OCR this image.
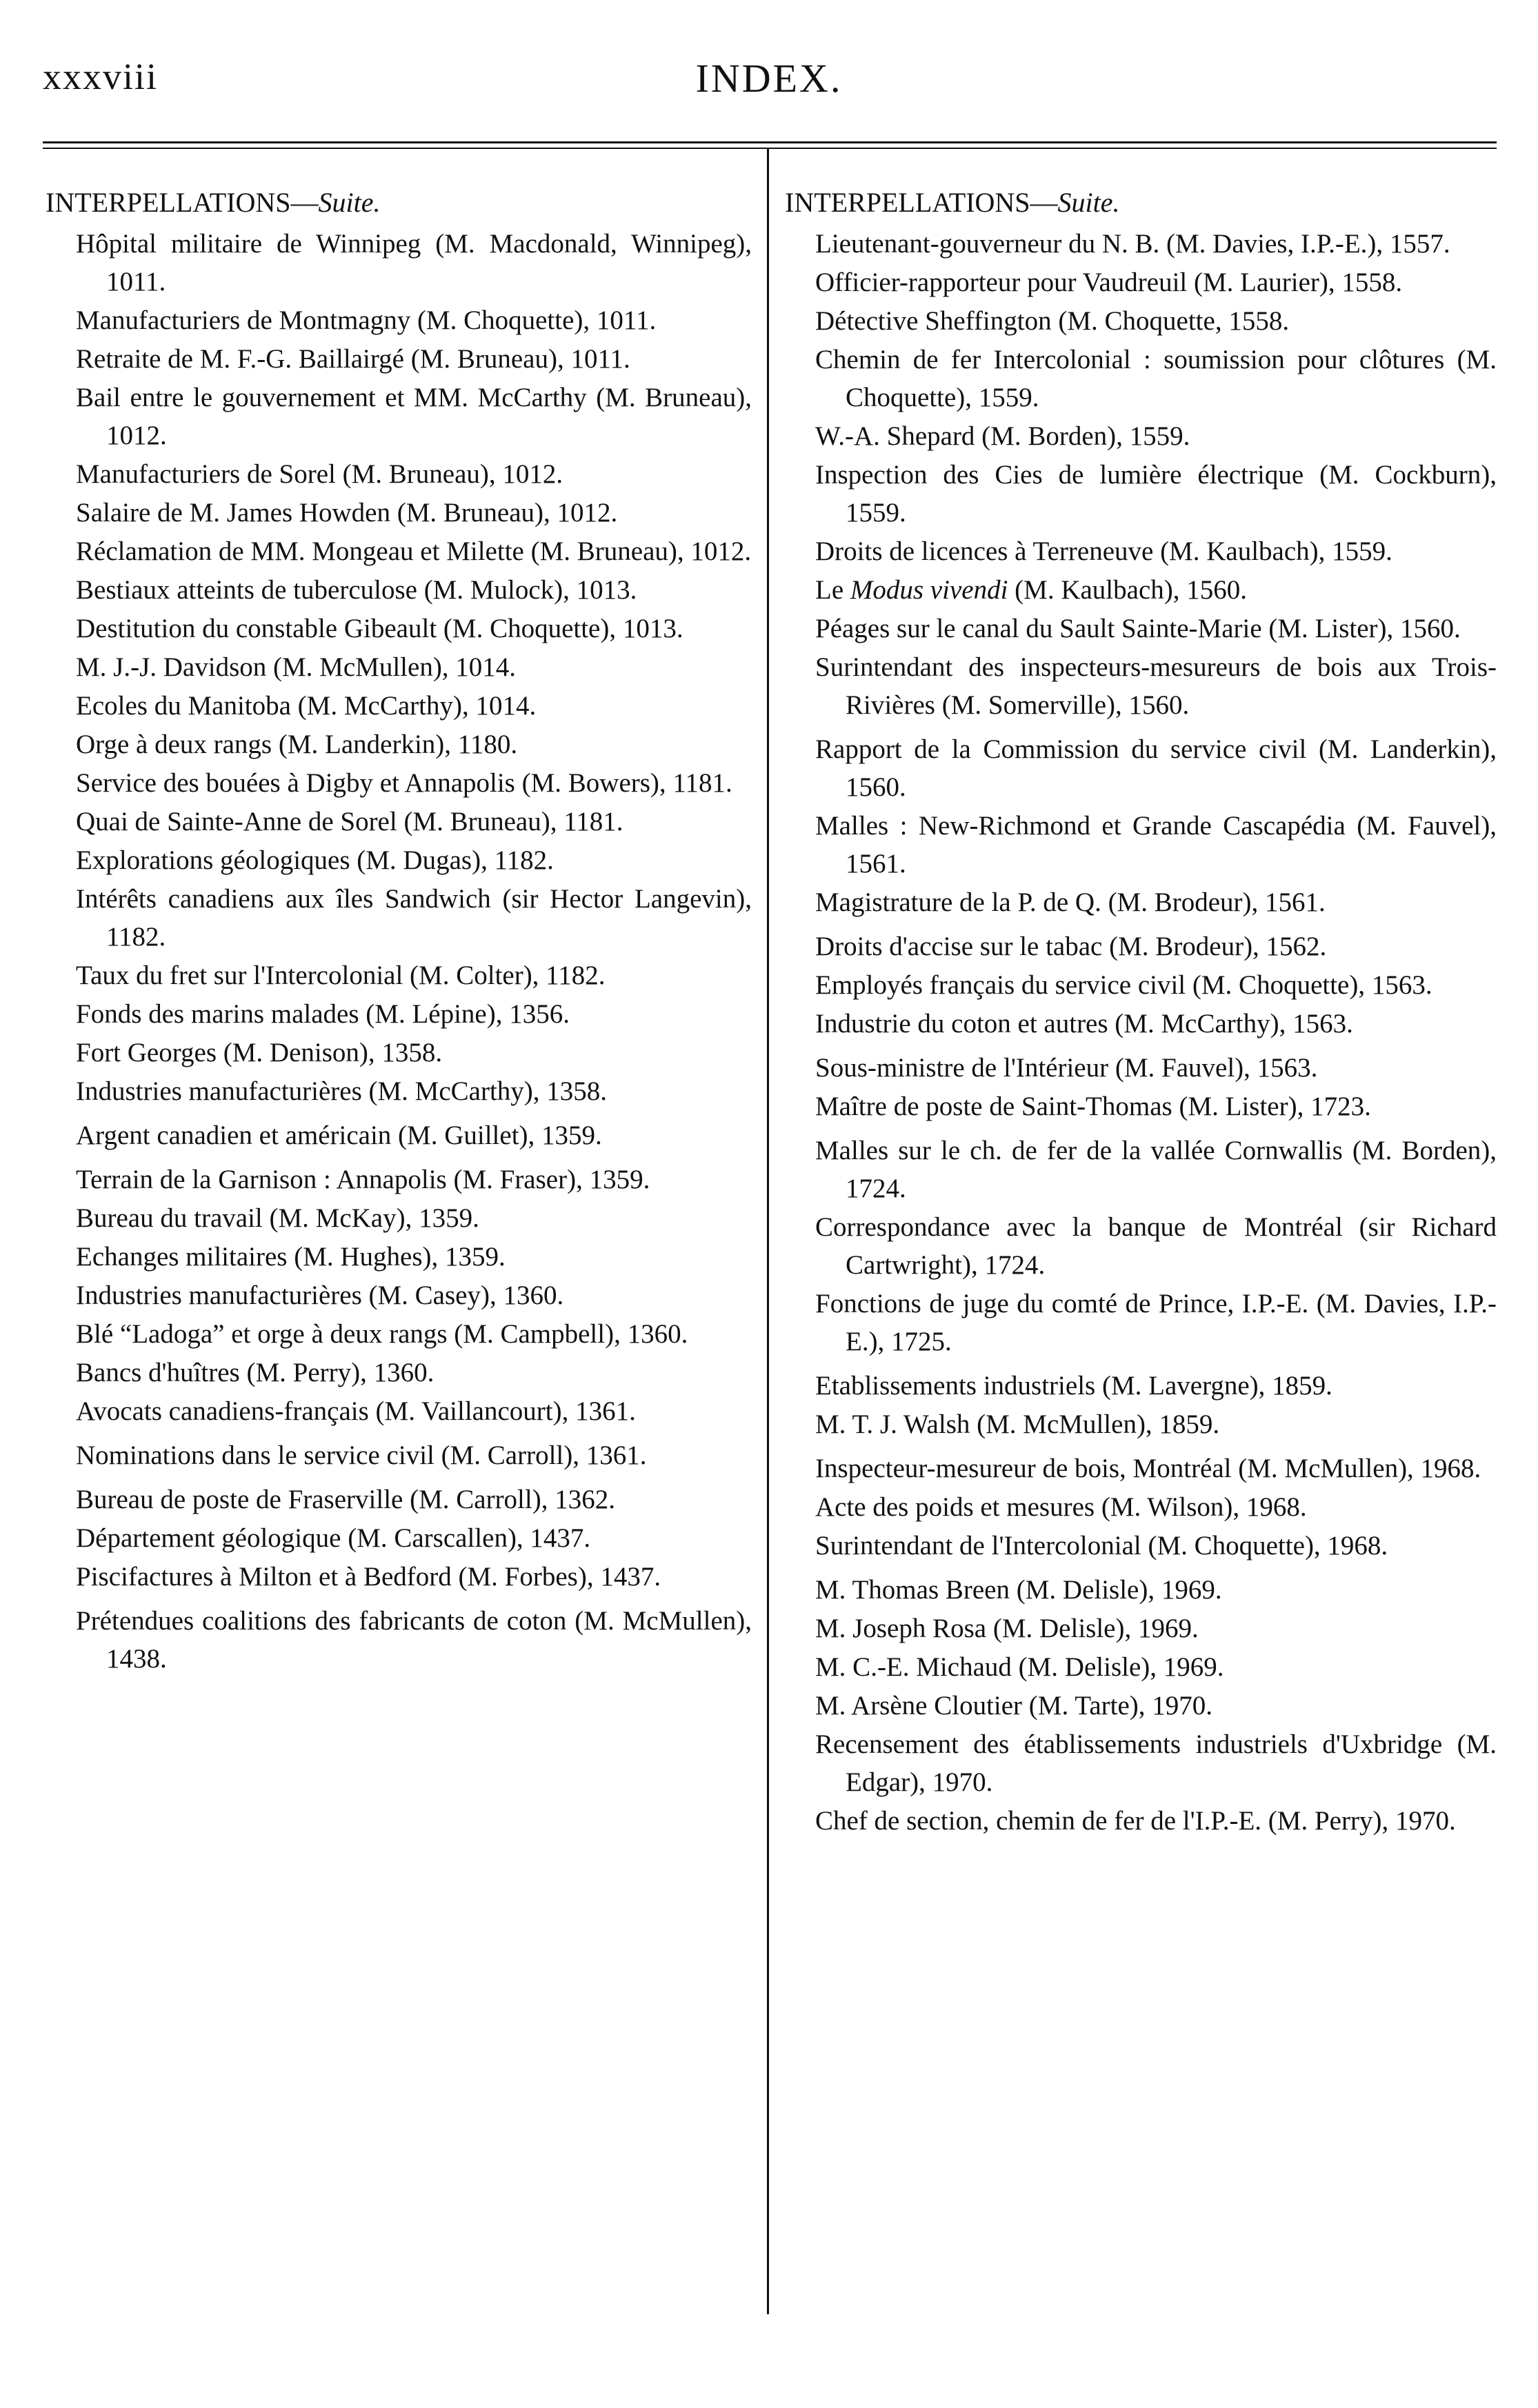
xxxviii	INDEX.
INTERPELLATIONS—Suite.

Hôpital militaire de Winnipeg (M. Macdonald, Winnipeg), 1011.

Manufacturiers de Montmagny (M. Choquette), 1011.

Retraite de M. F.-G. Baillairgé (M. Bruneau), 1011.

Bail entre le gouvernement et MM. McCarthy (M. Bruneau), 1012.

Manufacturiers de Sorel (M. Bruneau), 1012.

Salaire de M. James Howden (M. Bruneau), 1012.

Réclamation de MM. Mongeau et Milette (M. Bruneau), 1012.

Bestiaux atteints de tuberculose (M. Mulock), 1013.

Destitution du constable Gibeault (M. Choquette), 1013.

M. J.-J. Davidson (M. McMullen), 1014.

Ecoles du Manitoba (M. McCarthy), 1014.

Orge à deux rangs (M. Landerkin), 1180.

Service des bouées à Digby et Annapolis (M. Bowers), 1181.

Quai de Sainte-Anne de Sorel (M. Bruneau), 1181.

Explorations géologiques (M. Dugas), 1182.

Intérêts canadiens aux îles Sandwich (sir Hector Langevin), 1182.

Taux du fret sur l'Intercolonial (M. Colter), 1182.

Fonds des marins malades (M. Lépine), 1356.

Fort Georges (M. Denison), 1358.

Industries manufacturières (M. McCarthy), 1358.

Argent canadien et américain (M. Guillet), 1359.

Terrain de la Garnison : Annapolis (M. Fraser), 1359.

Bureau du travail (M. McKay), 1359.

Echanges militaires (M. Hughes), 1359.

Industries manufacturières (M. Casey), 1360.

Blé “Ladoga” et orge à deux rangs (M. Campbell), 1360.

Bancs d'huîtres (M. Perry), 1360.

Avocats canadiens-français (M. Vaillancourt), 1361.

Nominations dans le service civil (M. Carroll), 1361.

Bureau de poste de Fraserville (M. Carroll), 1362.

Département géologique (M. Carscallen), 1437.

Piscifactures à Milton et à Bedford (M. Forbes), 1437.

Prétendues coalitions des fabricants de coton (M. McMullen), 1438.

INTERPELLATIONS—Suite.

Lieutenant-gouverneur du N. B. (M. Davies, I.P.-E.), 1557.

Officier-rapporteur pour Vaudreuil (M. Laurier), 1558.

Détective Sheffington (M. Choquette, 1558.

Chemin de fer Intercolonial : soumission pour clôtures (M. Choquette), 1559.

W.-A. Shepard (M. Borden), 1559.

Inspection des Cies de lumière électrique (M. Cockburn), 1559.

Droits de licences à Terreneuve (M. Kaulbach), 1559.

Le Modus vivendi (M. Kaulbach), 1560.

Péages sur le canal du Sault Sainte-Marie (M. Lister), 1560.

Surintendant des inspecteurs-mesureurs de bois aux Trois-Rivières (M. Somerville), 1560.

Rapport de la Commission du service civil (M. Landerkin), 1560.

Malles : New-Richmond et Grande Cascapédia (M. Fauvel), 1561.

Magistrature de la P. de Q. (M. Brodeur), 1561.

Droits d'accise sur le tabac (M. Brodeur), 1562.

Employés français du service civil (M. Choquette), 1563.

Industrie du coton et autres (M. McCarthy), 1563.

Sous-ministre de l'Intérieur (M. Fauvel), 1563.

Maître de poste de Saint-Thomas (M. Lister), 1723.

Malles sur le ch. de fer de la vallée Cornwallis (M. Borden), 1724.

Correspondance avec la banque de Montréal (sir Richard Cartwright), 1724.

Fonctions de juge du comté de Prince, I.P.-E. (M. Davies, I.P.-E.), 1725.

Etablissements industriels (M. Lavergne), 1859.

M. T. J. Walsh (M. McMullen), 1859.

Inspecteur-mesureur de bois, Montréal (M. McMullen), 1968.

Acte des poids et mesures (M. Wilson), 1968.

Surintendant de l'Intercolonial (M. Choquette), 1968.

M. Thomas Breen (M. Delisle), 1969.

M. Joseph Rosa (M. Delisle), 1969.

M. C.-E. Michaud (M. Delisle), 1969.

M. Arsène Cloutier (M. Tarte), 1970.

Recensement des établissements industriels d'Uxbridge (M. Edgar), 1970.

Chef de section, chemin de fer de l'I.P.-E. (M. Perry), 1970.
